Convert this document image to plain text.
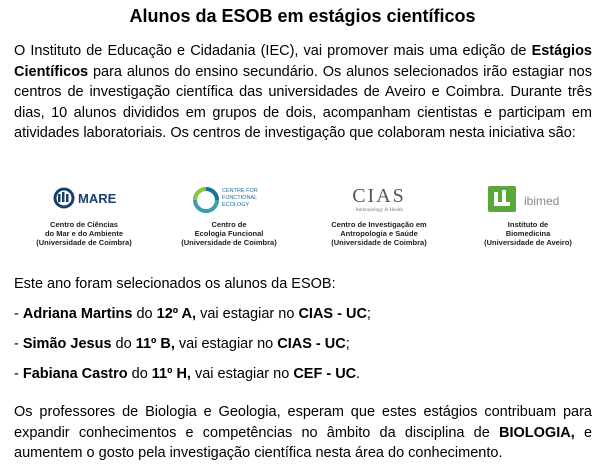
Alunos da ESOB em estágios científicos
O Instituto de Educação e Cidadania (IEC), vai promover mais uma edição de Estágios Científicos para alunos do ensino secundário. Os alunos selecionados irão estagiar nos centros de investigação científica das universidades de Aveiro e Coimbra. Durante três dias, 10 alunos divididos em grupos de dois, acompanham cientistas e participam em atividades laboratoriais. Os centros de investigação que colaboram nesta iniciativa são:
MARE
Centro de Ciências
do Mar e do Ambiente
(Universidade de Coimbra)
CENTRE FOR
FUNCTIONAL
ECOLOGY
Centro de
Ecologia Funcional
(Universidade de Coimbra)
CIAS
Anthropology & Health
Centro de Investigação em
Antropologia e Saúde
(Universidade de Coimbra)
ibimed
Instituto de
Biomedicina
(Universidade de Aveiro)
Este ano foram selecionados os alunos da ESOB:
- Adriana Martins do 12º A, vai estagiar no CIAS - UC;
- Simão Jesus do 11º B, vai estagiar no CIAS - UC;
- Fabiana Castro do 11º H, vai estagiar no CEF - UC.
Os professores de Biologia e Geologia, esperam que estes estágios contribuam para expandir conhecimentos e competências no âmbito da disciplina de BIOLOGIA, e aumentem o gosto pela investigação científica nesta área do conhecimento.
